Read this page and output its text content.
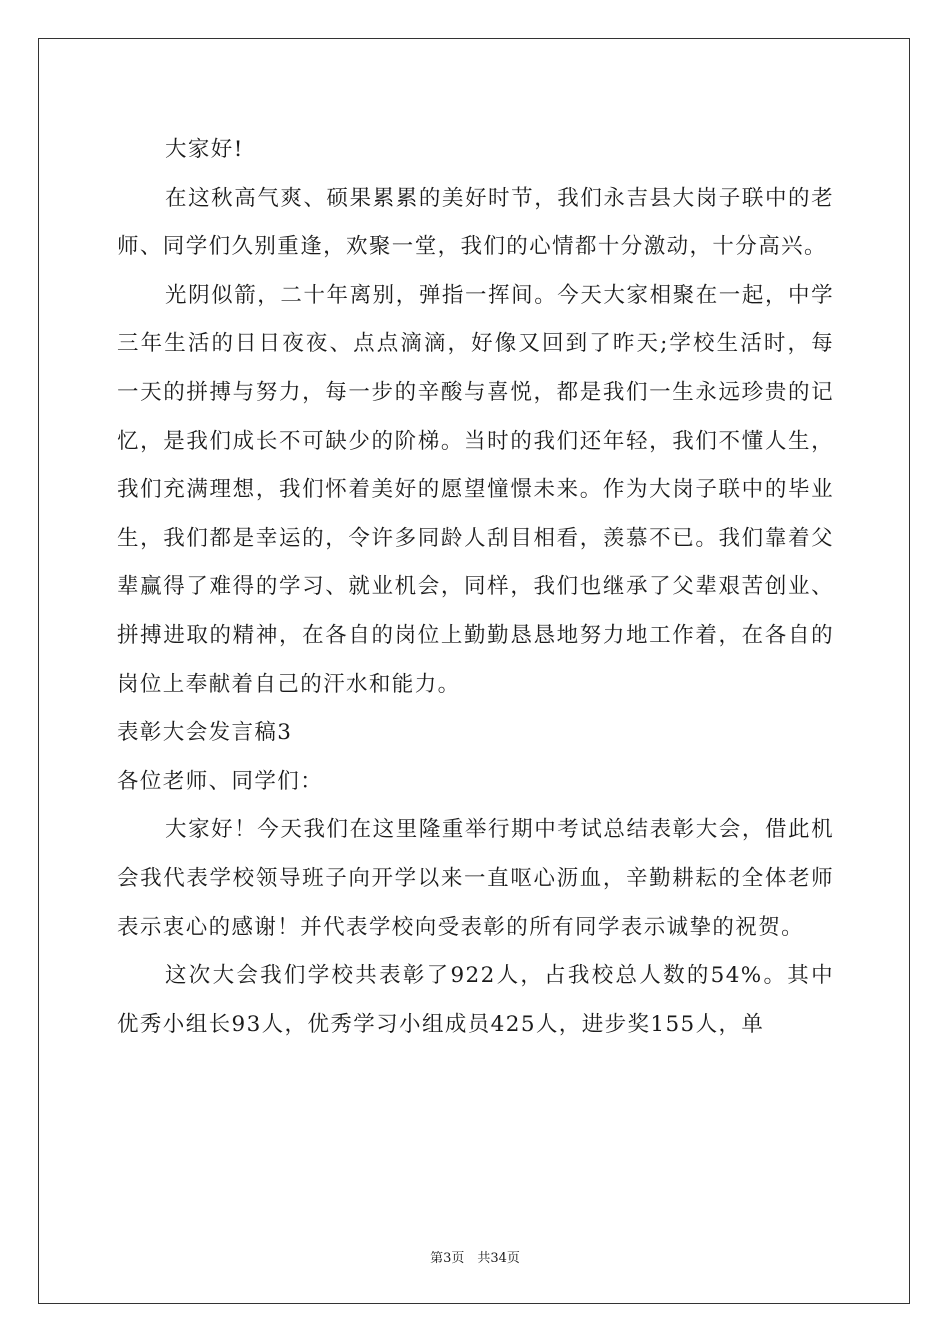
大家好!

在这秋高气爽、硕果累累的美好时节，我们永吉县大岗子联中的老师、同学们久别重逢，欢聚一堂，我们的心情都十分激动，十分高兴。

光阴似箭，二十年离别，弹指一挥间。今天大家相聚在一起，中学三年生活的日日夜夜、点点滴滴，好像又回到了昨天;学校生活时，每一天的拼搏与努力，每一步的辛酸与喜悦，都是我们一生永远珍贵的记忆，是我们成长不可缺少的阶梯。当时的我们还年轻，我们不懂人生，我们充满理想，我们怀着美好的愿望憧憬未来。作为大岗子联中的毕业生，我们都是幸运的，令许多同龄人刮目相看，羡慕不已。我们靠着父辈赢得了难得的学习、就业机会，同样，我们也继承了父辈艰苦创业、拼搏进取的精神，在各自的岗位上勤勤恳恳地努力地工作着，在各自的岗位上奉献着自己的汗水和能力。

表彰大会发言稿3

各位老师、同学们：

大家好！今天我们在这里隆重举行期中考试总结表彰大会，借此机会我代表学校领导班子向开学以来一直呕心沥血，辛勤耕耘的全体老师表示衷心的感谢！并代表学校向受表彰的所有同学表示诚挚的祝贺。

这次大会我们学校共表彰了922人，占我校总人数的54%。其中优秀小组长93人，优秀学习小组成员425人，进步奖155人，单

第3页　共34页
